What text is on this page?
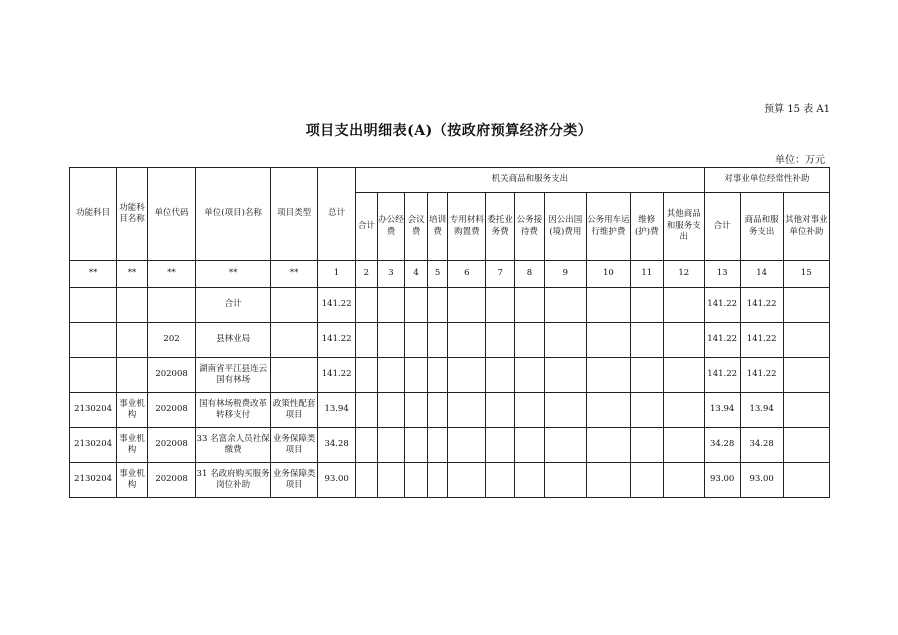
预算 15 表 A1
项目支出明细表(A)（按政府预算经济分类）
单位：万元
功能科目	功能科目名称	单位代码	单位(项目)名称	项目类型	总计	机关商品和服务支出											对事业单位经常性补助		
						合计	办公经费	会议费	培训费	专用材料购置费	委托业务费	公务接待费	因公出国(境)费用	公务用车运行维护费	维修(护)费	其他商品和服务支出	合计	商品和服务支出	其他对事业单位补助
**	**	**	**	**	1	2	3	4	5	6	7	8	9	10	11	12	13	14	15
			合计		141.22												141.22	141.22	
		202	县林业局		141.22												141.22	141.22	
		202008	湖南省平江县连云国有林场		141.22												141.22	141.22	
2130204	事业机构	202008	国有林场税费改革转移支付	政策性配套项目	13.94												13.94	13.94	
2130204	事业机构	202008	33 名富余人员社保缴费	业务保障类项目	34.28												34.28	34.28	
2130204	事业机构	202008	31 名政府购买服务岗位补助	业务保障类项目	93.00												93.00	93.00	
